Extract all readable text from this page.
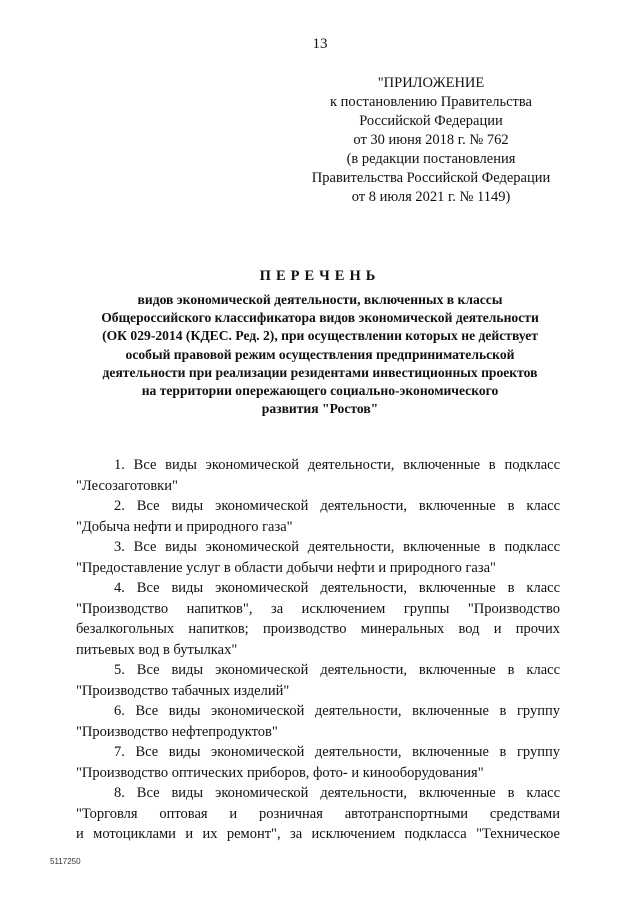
13
"ПРИЛОЖЕНИЕ
к постановлению Правительства
Российской Федерации
от 30 июня 2018 г. № 762
(в редакции постановления
Правительства Российской Федерации
от 8 июля 2021 г. № 1149)
ПЕРЕЧЕНЬ
видов экономической деятельности, включенных в классы
Общероссийского классификатора видов экономической деятельности
(ОК 029-2014 (КДЕС. Ред. 2), при осуществлении которых не действует
особый правовой режим осуществления предпринимательской
деятельности при реализации резидентами инвестиционных проектов
на территории опережающего социально-экономического
развития "Ростов"

1. Все виды экономической деятельности, включенные в подкласс
"Лесозаготовки"

2. Все виды экономической деятельности, включенные в класс
"Добыча нефти и природного газа"

3. Все виды экономической деятельности, включенные в подкласс
"Предоставление услуг в области добычи нефти и природного газа"

4. Все виды экономической деятельности, включенные в класс
"Производство напитков", за исключением группы "Производство
безалкогольных напитков; производство минеральных вод и прочих
питьевых вод в бутылках"

5. Все виды экономической деятельности, включенные в класс
"Производство табачных изделий"

6. Все виды экономической деятельности, включенные в группу
"Производство нефтепродуктов"

7. Все виды экономической деятельности, включенные в группу
"Производство оптических приборов, фото- и кинооборудования"

8. Все виды экономической деятельности, включенные в класс
"Торговля оптовая и розничная автотранспортными средствами
и мотоциклами и их ремонт", за исключением подкласса "Техническое

5117250
